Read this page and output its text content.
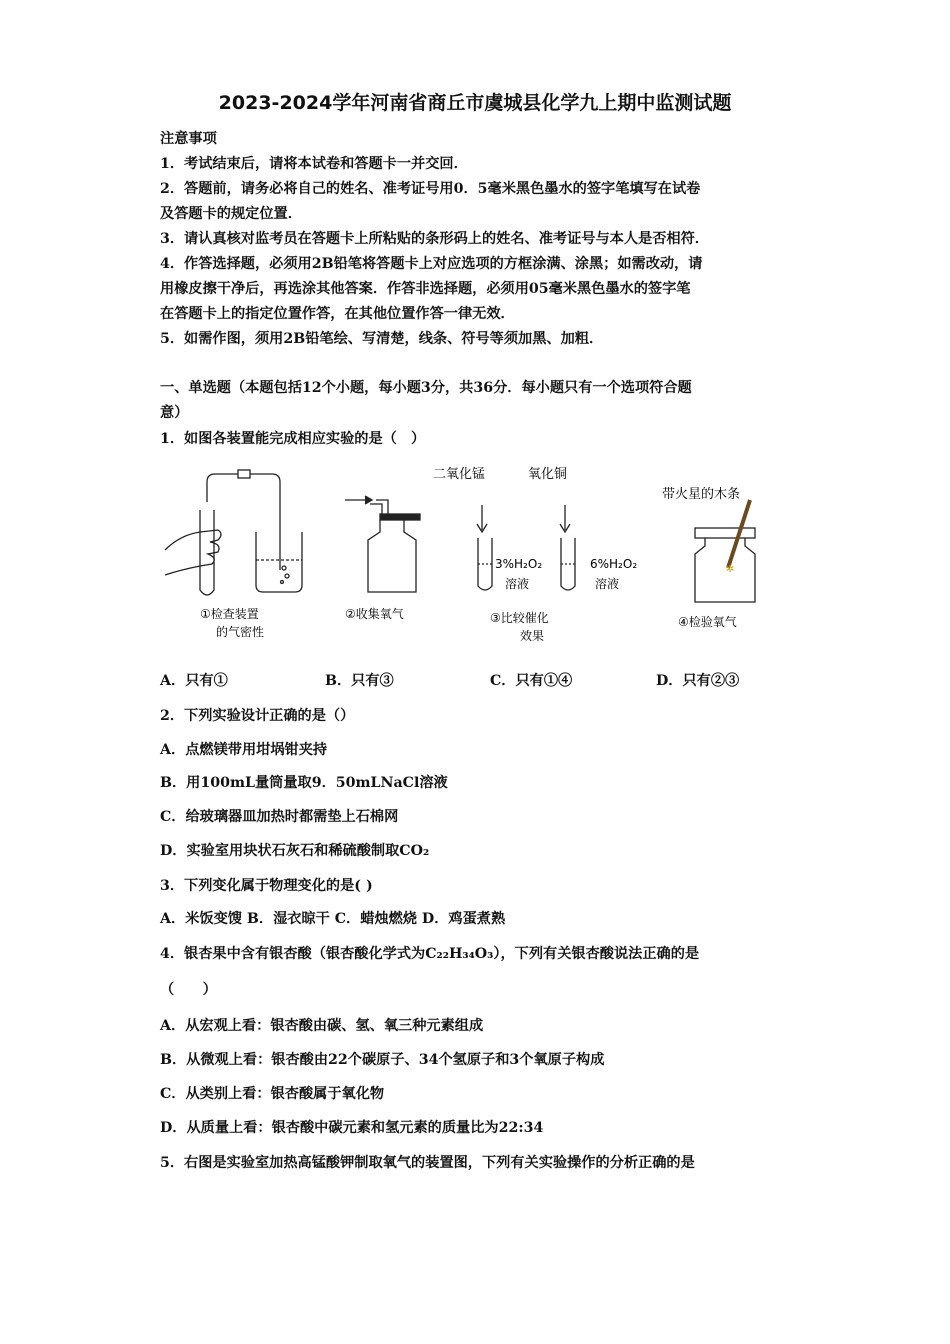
2023-2024学年河南省商丘市虞城县化学九上期中监测试题
注意事项
1．考试结束后，请将本试卷和答题卡一并交回．
2．答题前，请务必将自己的姓名、准考证号用0．5毫米黑色墨水的签字笔填写在试卷
及答题卡的规定位置．
3．请认真核对监考员在答题卡上所粘贴的条形码上的姓名、准考证号与本人是否相符．
4．作答选择题，必须用2B铅笔将答题卡上对应选项的方框涂满、涂黑；如需改动，请
用橡皮擦干净后，再选涂其他答案．作答非选择题，必须用05毫米黑色墨水的签字笔
在答题卡上的指定位置作答，在其他位置作答一律无效．
5．如需作图，须用2B铅笔绘、写清楚，线条、符号等须加黑、加粗．
一、单选题（本题包括12个小题，每小题3分，共36分．每小题只有一个选项符合题
意）
1．如图各装置能完成相应实验的是（　）
✲
二氧化锰	氧化铜
3%H₂O₂
溶液
6%H₂O₂
溶液
带火星的木条
①检查装置
的气密性
②收集氧气	③比较催化
效果
④检验氧气
A．只有①	B．只有③	C．只有①④	D．只有②③
2．下列实验设计正确的是（）
A．点燃镁带用坩埚钳夹持
B．用100mL量筒量取9．50mLNaCl溶液
C．给玻璃器皿加热时都需垫上石棉网
D．实验室用块状石灰石和稀硫酸制取CO₂
3．下列变化属于物理变化的是( )
A．米饭变馊 B．湿衣晾干 C．蜡烛燃烧 D．鸡蛋煮熟
4．银杏果中含有银杏酸（银杏酸化学式为C₂₂H₃₄O₃），下列有关银杏酸说法正确的是
（　　）
A．从宏观上看：银杏酸由碳、氢、氧三种元素组成
B．从微观上看：银杏酸由22个碳原子、34个氢原子和3个氧原子构成
C．从类别上看：银杏酸属于氧化物
D．从质量上看：银杏酸中碳元素和氢元素的质量比为22:34
5．右图是实验室加热高锰酸钾制取氧气的装置图，下列有关实验操作的分析正确的是
